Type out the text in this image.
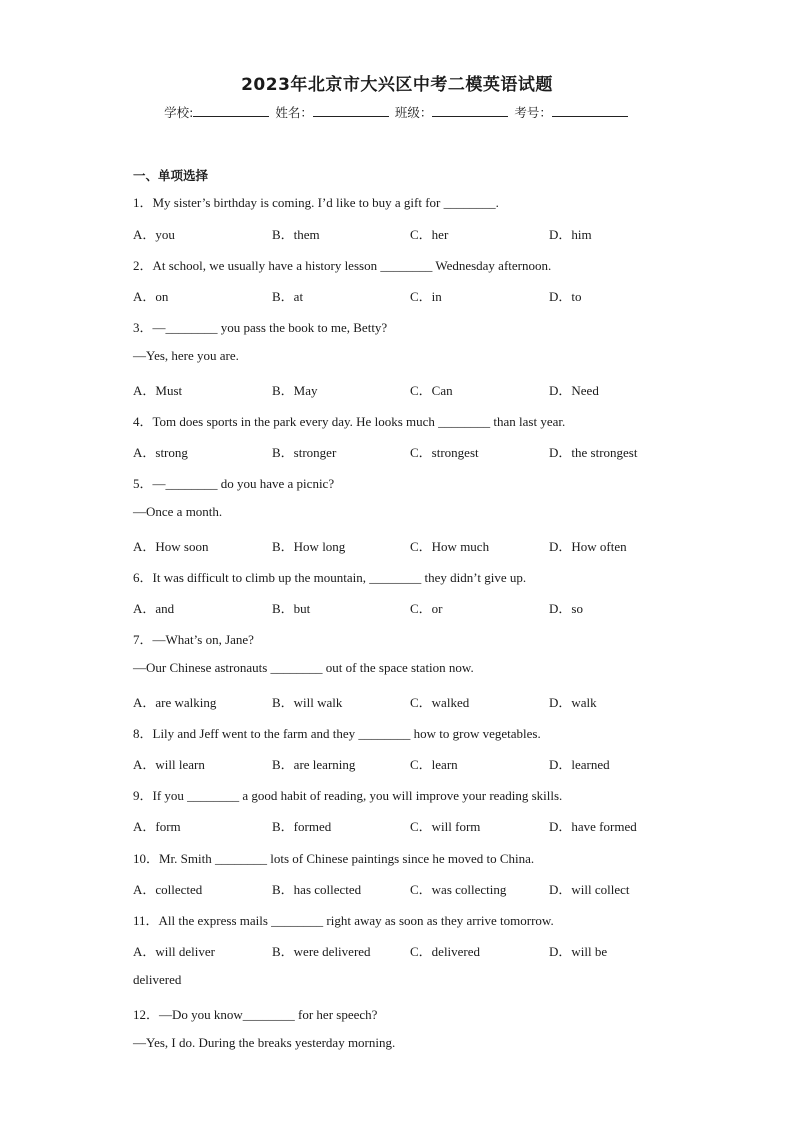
2023年北京市大兴区中考二模英语试题
学校:	姓名：	班级：	考号：
一、单项选择
1．My sister’s birthday is coming. I’d like to buy a gift for ________.
A．you	B．them	C．her	D．him
2．At school, we usually have a history lesson ________ Wednesday afternoon.
A．on	B．at	C．in	D．to
3．—________ you pass the book to me, Betty?
—Yes, here you are.
A．Must	B．May	C．Can	D．Need
4．Tom does sports in the park every day. He looks much ________ than last year.
A．strong	B．stronger	C．strongest	D．the strongest
5．—________ do you have a picnic?
—Once a month.
A．How soon	B．How long	C．How much	D．How often
6．It was difficult to climb up the mountain, ________ they didn’t give up.
A．and	B．but	C．or	D．so
7．—What’s on, Jane?
—Our Chinese astronauts ________ out of the space station now.
A．are walking	B．will walk	C．walked	D．walk
8．Lily and Jeff went to the farm and they ________ how to grow vegetables.
A．will learn	B．are learning	C．learn	D．learned
9．If you ________ a good habit of reading, you will improve your reading skills.
A．form	B．formed	C．will form	D．have formed
10．Mr. Smith ________ lots of Chinese paintings since he moved to China.
A．collected	B．has collected	C．was collecting	D．will collect
11．All the express mails ________ right away as soon as they arrive tomorrow.
A．will deliver	B．were delivered	C．delivered	D．will be
delivered
12．—Do you know________ for her speech?
—Yes, I do. During the breaks yesterday morning.
